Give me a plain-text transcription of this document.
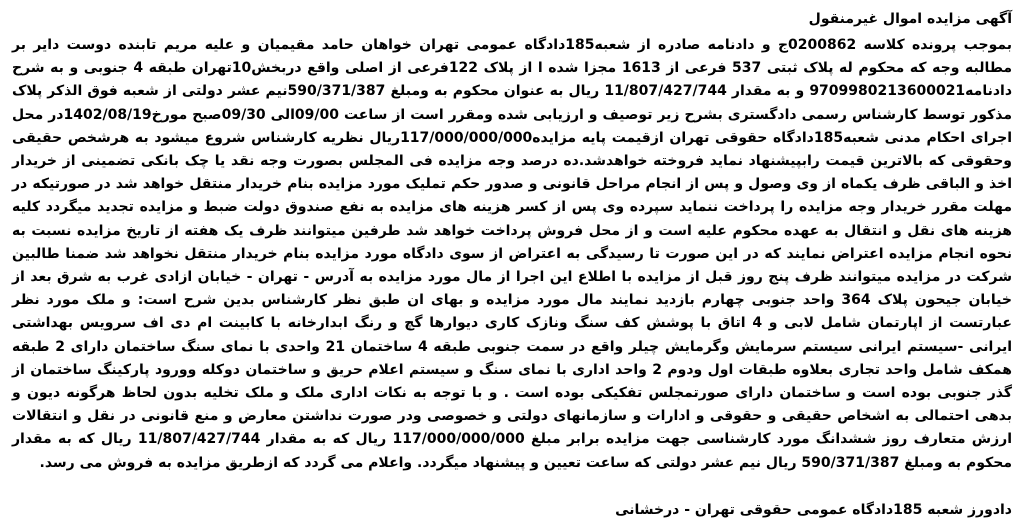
آگهی مزایده اموال غیرمنقول

بموجب پرونده کلاسه 0200862ج و دادنامه صادره از شعبه185دادگاه عمومی تهران خواهان حامد مقیمیان و علیه مریم تابنده دوست دایر بر مطالبه وجه که محکوم له پلاک ثبتی 537 فرعی از 1613 مجزا شده ا از پلاک 122فرعی از اصلی واقع دربخش10تهران طبقه 4 جنوبی و به شرح دادنامه9709980213600021 و به مقدار 11/807/427/744 ریال به عنوان محکوم به ومبلغ 590/371/387نیم عشر دولتی از شعبه فوق الذکر پلاک مذکور توسط کارشناس رسمی دادگستری بشرح زیر توصیف و ارزیابی شده ومقرر است از ساعت 09/00الی 09/30صبح مورخ1402/08/19در محل اجرای احکام مدنی شعبه185دادگاه حقوقی تهران ازقیمت پایه مزایده117/000/000/000ریال نظریه کارشناس شروع میشود به هرشخص حقیقی وحقوقی که بالاترین قیمت رابپیشنهاد نماید فروخته خواهدشد.ده درصد وجه مزایده فی المجلس بصورت وجه نقد یا چک بانکی تضمینی از خریدار اخذ و الباقی ظرف یکماه از وی وصول و پس از انجام مراحل قانونی و صدور حکم تملیک مورد مزایده بنام خریدار منتقل خواهد شد در صورتیکه در مهلت مقرر خریدار وجه مزایده را پرداخت ننماید سپرده وی پس از کسر هزینه های مزایده به نفع صندوق دولت ضبط و مزایده تجدید میگردد کلیه هزینه های نقل و انتقال به عهده محکوم علیه است و از محل فروش پرداخت خواهد شد طرفین میتوانند ظرف یک هفته از تاریخ مزایده نسبت به نحوه انجام مزایده اعتراض نمایند که در این صورت تا رسیدگی به اعتراض از سوی دادگاه مورد مزایده بنام خریدار منتقل نخواهد شد ضمنا طالبین شرکت در مزایده میتوانند ظرف پنج روز قبل از مزایده با اطلاع این اجرا از مال مورد مزایده به آدرس - تهران - خیابان ازادی غرب به شرق بعد از خیابان جیحون پلاک 364 واحد جنوبی چهارم بازدید نمایند مال مورد مزایده و بهای ان طبق نظر کارشناس بدین شرح است: و ملک مورد نظر عبارتست از اپارتمان شامل لابی و 4 اتاق با پوشش کف سنگ ونازک کاری دیوارها گچ و رنگ ابدارخانه با کابینت ام دی اف سرویس بهداشتی ایرانی -سیستم ایرانی سیستم سرمایش وگرمایش چیلر واقع در سمت جنوبی طبقه 4 ساختمان 21 واحدی با نمای سنگ ساختمان دارای 2 طبقه همکف شامل واحد تجاری بعلاوه طبقات اول ودوم 2 واحد اداری با نمای سنگ و سیستم اعلام حریق و ساختمان دوکله وورود پارکینگ ساختمان از گذر جنوبی بوده است و ساختمان دارای صورتمجلس تفکیکی بوده است . و با توجه به نکات اداری ملک و ملک تخلیه بدون لحاظ هرگونه دیون و بدهی احتمالی به اشخاص حقیقی و حقوقی و ادارات و سازمانهای دولتی و خصوصی ودر صورت نداشتن معارض و منع قانونی در نقل و انتقالات ارزش متعارف روز ششدانگ مورد کارشناسی جهت مزایده برابر مبلغ 117/000/000/000 ریال که به مقدار 11/807/427/744 ریال که به مقدار محکوم به ومبلغ 590/371/387 ریال نیم عشر دولتی که ساعت تعیین و پیشنهاد میگردد. واعلام می گردد که ازطریق مزایده به فروش می رسد.

دادورز شعبه 185دادگاه عمومی حقوقی تهران - درخشانی
